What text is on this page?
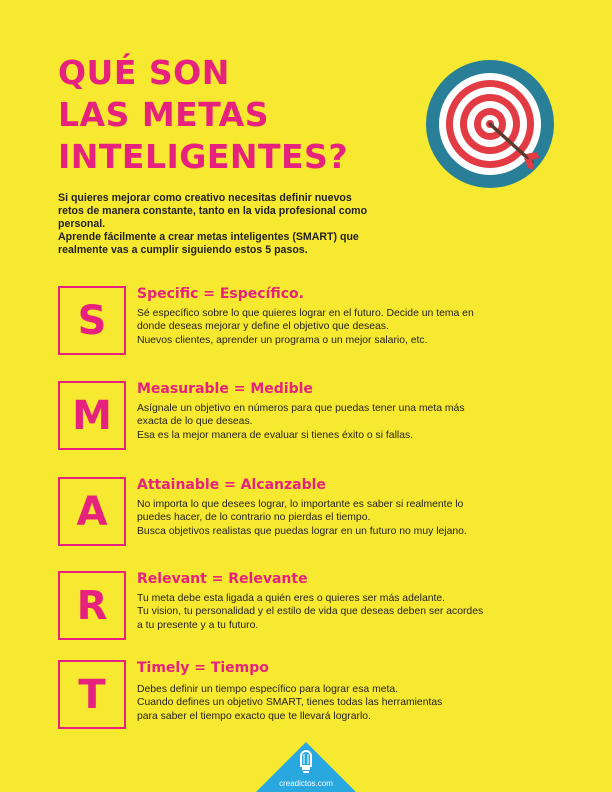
QUÉ SON
LAS METAS
INTELIGENTES?

Si quieres mejorar como creativo necesitas definir nuevos retos de manera constante, tanto en la vida profesional como personal.

Aprende fácilmente a crear metas inteligentes (SMART) que realmente vas a cumplir siguiendo estos 5 pasos.

S
Specific = Específico.

Sé específico sobre lo que quieres lograr en el futuro. Decide un tema en

donde deseas mejorar y define el objetivo que deseas.

Nuevos clientes, aprender un programa o un mejor salario, etc.

M
Measurable = Medible

Asígnale un objetivo en números para que puedas tener una meta más

exacta de lo que deseas.

Esa es la mejor manera de evaluar si tienes éxito o si fallas.

A
Attainable = Alcanzable

No importa lo que desees lograr, lo importante es saber si realmente lo

puedes hacer, de lo contrario no pierdas el tiempo.

Busca objetivos realistas que puedas lograr en un futuro no muy lejano.

R
Relevant = Relevante

Tu meta debe esta ligada a quién eres o quieres ser más adelante.

Tu vision, tu personalidad y el estilo de vida que deseas deben ser acordes

a tu presente y a tu futuro.

T
Timely = Tiempo

Debes definir un tiempo específico para lograr esa meta.

Cuando defines un objetivo SMART, tienes todas las herramientas

para saber el tiempo exacto que te llevará lograrlo.

creadictos.com
